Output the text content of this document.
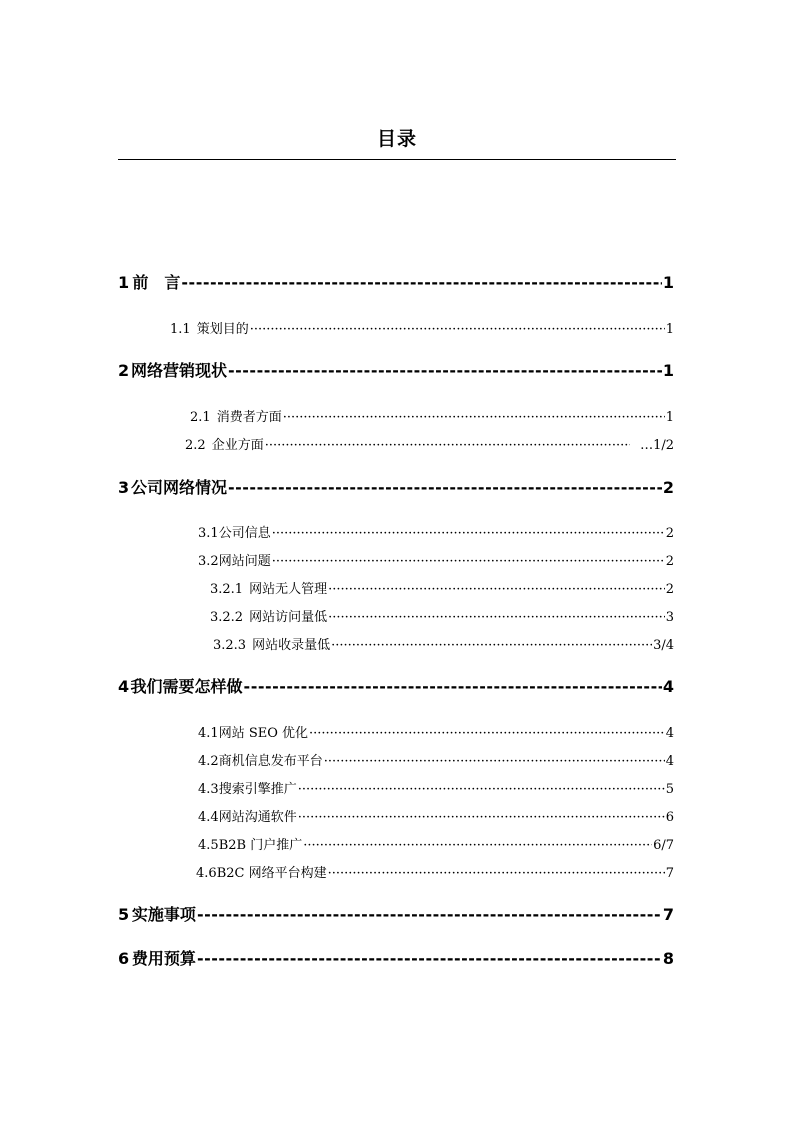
目录
1 前　言 -----	1
1.1 策划目的 ·····	1
2 网络营销现状 -----	1
2.1 消费者方面 ·····	1
2.2 企业方面 ·····	…1/2
3 公司网络情况 -----	2
3.1 公司信息 ·····	2
3.2 网站问题 ·····	2
3.2.1 网站无人管理 ·····	2
3.2.2 网站访问量低 ·····	3
3.2.3 网站收录量低 ·····	3/4
4 我们需要怎样做 -----	4
4.1 网站 SEO 优化 ·····	4
4.2 商机信息发布平台 ·····	4
4.3 搜索引擎推广 ·····	5
4.4 网站沟通软件 ·····	6
4.5 B2B 门户推广 ·····	6/7
4.6 B2C 网络平台构建 ·····	7
5 实施事项 -----	7
6 费用预算 -----	8
